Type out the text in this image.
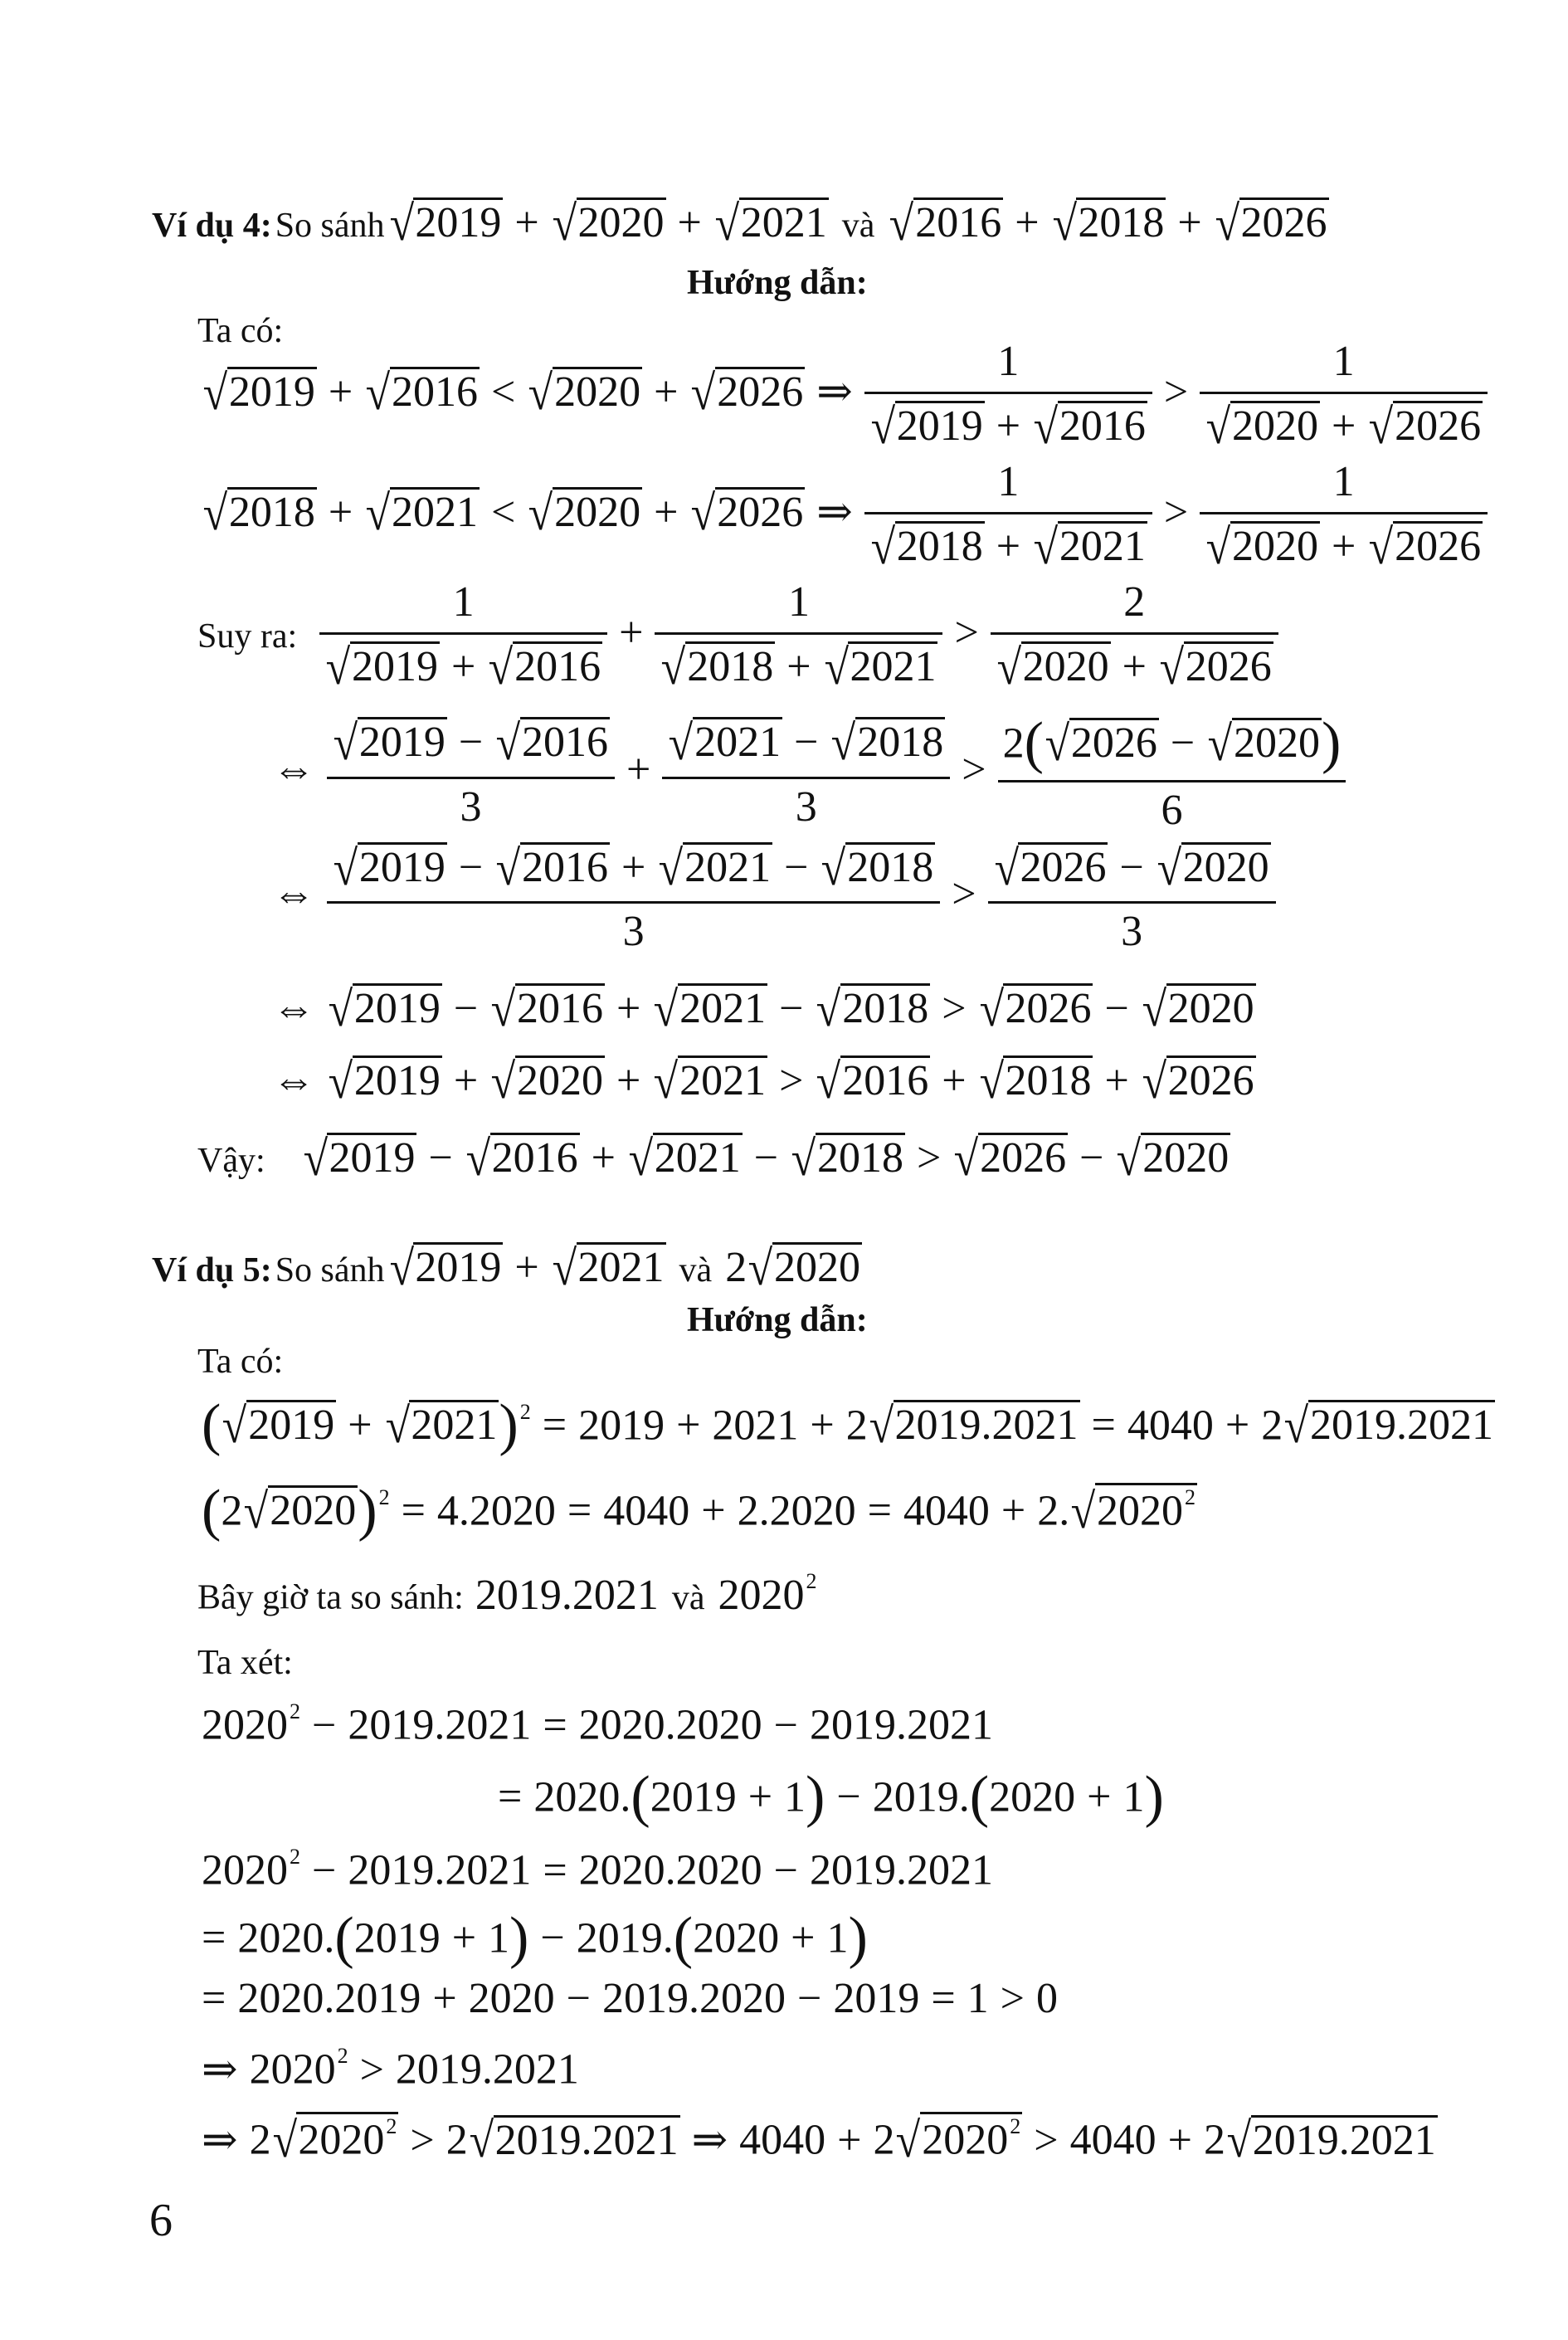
Ví dụ 4: So sánh √2019 + √2020 + √2021 và √2016 + √2018 + √2026
Hướng dẫn:
Ta có:
√2019 + √2016 < √2020 + √2026 ⇒ $\frac{1}{√2019 + √2016} > \frac{1}{√2020 + √2026}$
√2018 + √2021 < √2020 + √2026 ⇒ $\frac{1}{√2018 + √2021} > \frac{1}{√2020 + √2026}$
Suy ra: $\frac{1}{√2019 + √2016} + \frac{1}{√2018 + √2021} > \frac{2}{√2020 + √2026}$
⇔ $\frac{√2019 - √2016}{3} + \frac{√2021 - √2018}{3} > \frac{2(√2026 - √2020)}{6}$
⇔ $\frac{√2019 - √2016 + √2021 - √2018}{3} > \frac{√2026 - √2020}{3}$
⇔ √2019 − √2016 + √2021 − √2018 > √2026 − √2020
⇔ √2019 + √2020 + √2021 > √2016 + √2018 + √2026
Vậy: √2019 − √2016 + √2021 − √2018 > √2026 − √2020
Ví dụ 5: So sánh √2019 + √2021 và 2√2020
Hướng dẫn:
Ta có:
$(√2019 + √2021)^2 = 2019 + 2021 + 2√2019.2021 = 4040 + 2√2019.2021$
$(2√2020)^2 = 4.2020 = 4040 + 2.2020 = 4040 + 2.√2020^2$
Bây giờ ta so sánh: 2019.2021 và 2020$^2$
Ta xét:
$2020^2 - 2019.2021 = 2020.2020 - 2019.2021$
= 2020.(2019 + 1) − 2019.(2020 + 1)
$2020^2 - 2019.2021 = 2020.2020 - 2019.2021$
= 2020.(2019 + 1) − 2019.(2020 + 1)
= 2020.2019 + 2020 − 2019.2020 − 2019 = 1 > 0
⇒ $2020^2 > 2019.2021$
⇒ $2√2020^2 > 2√2019.2021$ ⇒ $4040 + 2√2020^2 > 4040 + 2√2019.2021$
6
